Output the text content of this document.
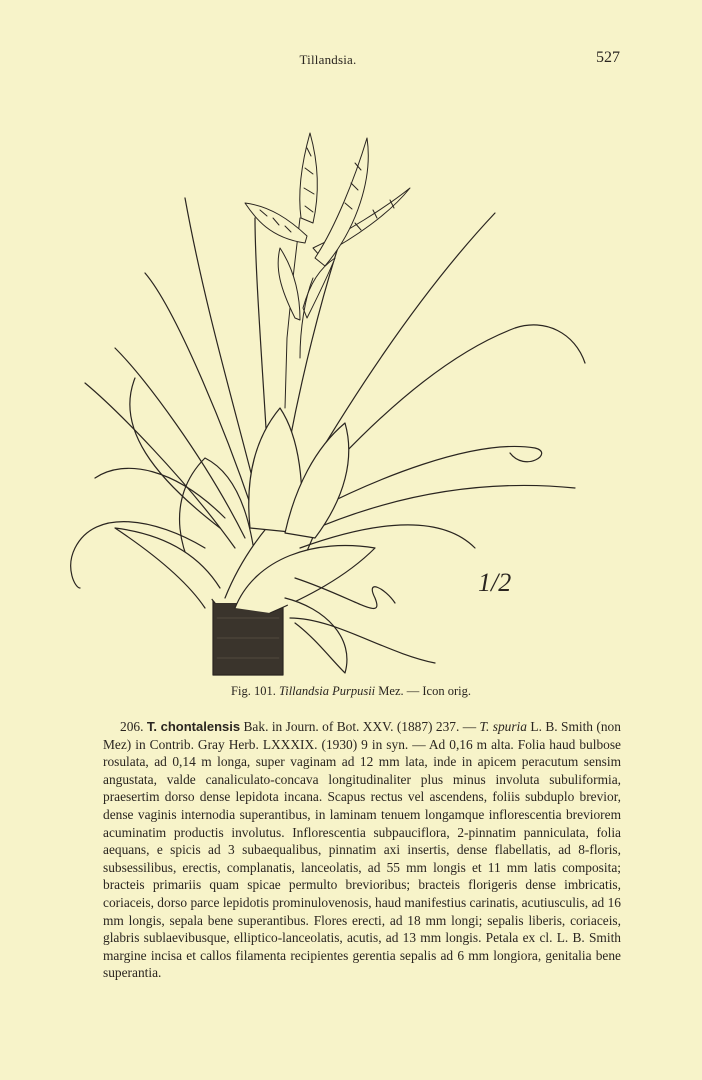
Tillandsia.	527
1/2
Fig. 101. Tillandsia Purpusii Mez. — Icon orig.

206. T. chontalensis Bak. in Journ. of Bot. XXV. (1887) 237. — T. spuria L. B. Smith (non Mez) in Contrib. Gray Herb. LXXXIX. (1930) 9 in syn. — Ad 0,16 m alta. Folia haud bulbose rosulata, ad 0,14 m longa, super vaginam ad 12 mm lata, inde in apicem peracutum sensim angustata, valde canaliculato-concava longitudinaliter plus minus involuta subuliformia, praesertim dorso dense lepidota incana. Scapus rectus vel ascendens, foliis subduplo brevior, dense vaginis internodia superantibus, in laminam tenuem longamque inflorescentia breviorem acuminatim productis involutus. Inflorescentia subpauciflora, 2-pinnatim panniculata, folia aequans, e spicis ad 3 subaequalibus, pinnatim axi insertis, dense flabellatis, ad 8-floris, subsessilibus, erectis, complanatis, lanceolatis, ad 55 mm longis et 11 mm latis composita; bracteis primariis quam spicae permulto brevioribus; bracteis florigeris dense imbricatis, coriaceis, dorso parce lepidotis prominulovenosis, haud manifestius carinatis, acutiusculis, ad 16 mm longis, sepala bene superantibus. Flores erecti, ad 18 mm longi; sepalis liberis, coriaceis, glabris sublaevibusque, elliptico-lanceolatis, acutis, ad 13 mm longis. Petala ex cl. L. B. Smith margine incisa et callos filamenta recipientes gerentia sepalis ad 6 mm longiora, genitalia bene superantia.
